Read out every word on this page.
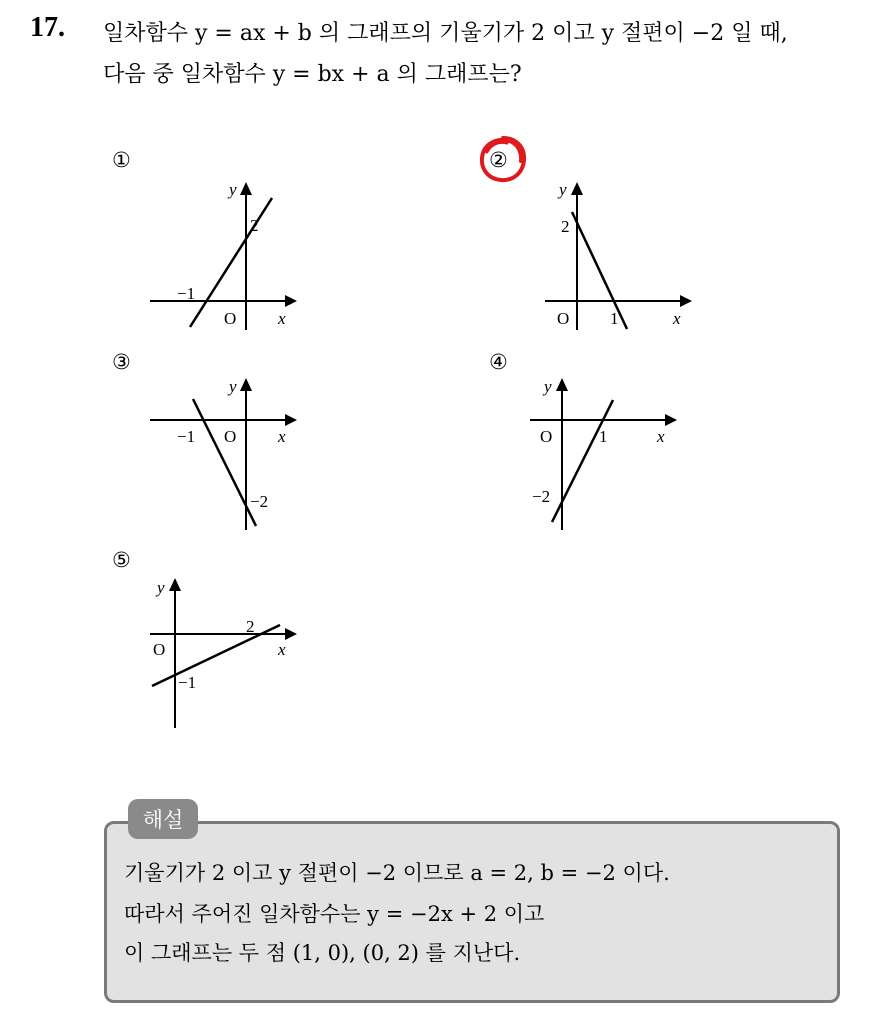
17. 일차함수 y = ax + b 의 그래프의 기울기가 2 이고 y 절편이 −2 일 때,
다음 중 일차함수 y = bx + a 의 그래프는?
①
y
x
O
−1
2
②
y
x
O 1
2
③
y
x
O
−1
−2
④
y
x
O	1
−2
⑤
y
x
O
2
−1
해설
기울기가 2 이고 y 절편이 −2 이므로 a = 2, b = −2 이다.
따라서 주어진 일차함수는 y = −2x + 2 이고
이 그래프는 두 점 (1, 0), (0, 2) 를 지난다.
